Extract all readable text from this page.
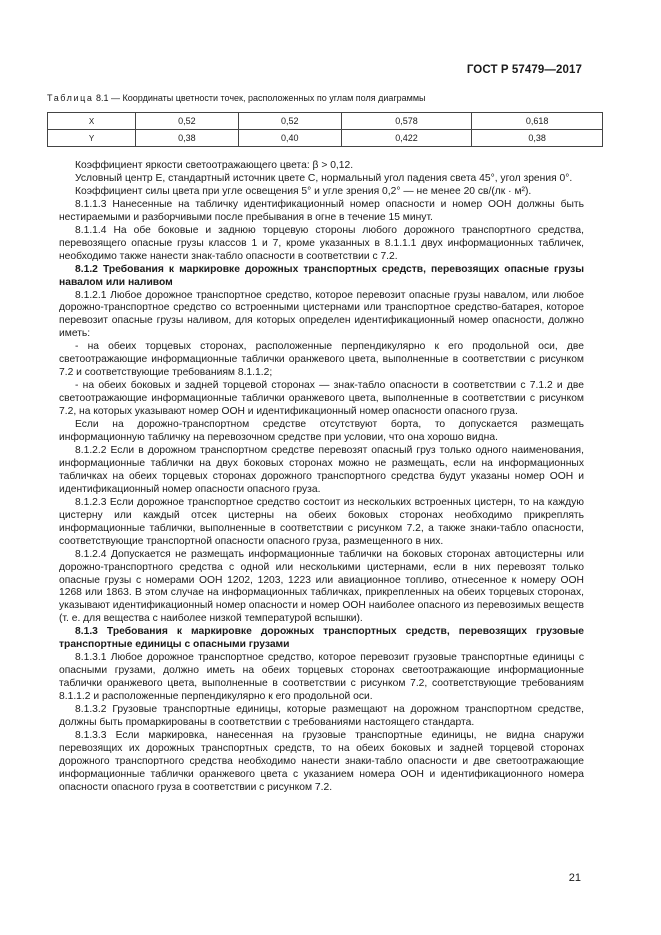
ГОСТ Р 57479—2017
Таблица 8.1 — Координаты цветности точек, расположенных по углам поля диаграммы
X	0,52	0,52	0,578	0,618
Y	0,38	0,40	0,422	0,38

Коэффициент яркости светоотражающего цвета: β > 0,12.

Условный центр Е, стандартный источник цвете С, нормальный угол падения света 45°, угол зрения 0°.

Коэффициент силы цвета при угле освещения 5° и угле зрения 0,2° — не менее 20 св/(лк · м²).

8.1.1.3 Нанесенные на табличку идентификационный номер опасности и номер ООН должны быть нестираемыми и разборчивыми после пребывания в огне в течение 15 минут.

8.1.1.4 На обе боковые и заднюю торцевую стороны любого дорожного транспортного средства, перевозящего опасные грузы классов 1 и 7, кроме указанных в 8.1.1.1 двух информационных табличек, необходимо также нанести знак-табло опасности в соответствии с 7.2.

8.1.2 Требования к маркировке дорожных транспортных средств, перевозящих опасные грузы навалом или наливом

8.1.2.1 Любое дорожное транспортное средство, которое перевозит опасные грузы навалом, или любое дорожно-транспортное средство со встроенными цистернами или транспортное средство-батарея, которое перевозит опасные грузы наливом, для которых определен идентификационный номер опасности, должно иметь:

- на обеих торцевых сторонах, расположенные перпендикулярно к его продольной оси, две светоотражающие информационные таблички оранжевого цвета, выполненные в соответствии с рисунком 7.2 и соответствующие требованиям 8.1.1.2;

- на обеих боковых и задней торцевой сторонах — знак-табло опасности в соответствии с 7.1.2 и две светоотражающие информационные таблички оранжевого цвета, выполненные в соответствии с рисунком 7.2, на которых указывают номер ООН и идентификационный номер опасности опасного груза.

Если на дорожно-транспортном средстве отсутствуют борта, то допускается размещать информационную табличку на перевозочном средстве при условии, что она хорошо видна.

8.1.2.2 Если в дорожном транспортном средстве перевозят опасный груз только одного наименования, информационные таблички на двух боковых сторонах можно не размещать, если на информационных табличках на обеих торцевых сторонах дорожного транспортного средства будут указаны номер ООН и идентификационный номер опасности опасного груза.

8.1.2.3 Если дорожное транспортное средство состоит из нескольких встроенных цистерн, то на каждую цистерну или каждый отсек цистерны на обеих боковых сторонах необходимо прикреплять информационные таблички, выполненные в соответствии с рисунком 7.2, а также знаки-табло опасности, соответствующие транспортной опасности опасного груза, размещенного в них.

8.1.2.4 Допускается не размещать информационные таблички на боковых сторонах автоцистерны или дорожно-транспортного средства с одной или несколькими цистернами, если в них перевозят только опасные грузы с номерами ООН 1202, 1203, 1223 или авиационное топливо, отнесенное к номеру ООН 1268 или 1863. В этом случае на информационных табличках, прикрепленных на обеих торцевых сторонах, указывают идентификационный номер опасности и номер ООН наиболее опасного из перевозимых веществ (т. е. для вещества с наиболее низкой температурой вспышки).

8.1.3 Требования к маркировке дорожных транспортных средств, перевозящих грузовые транспортные единицы с опасными грузами

8.1.3.1 Любое дорожное транспортное средство, которое перевозит грузовые транспортные единицы с опасными грузами, должно иметь на обеих торцевых сторонах светоотражающие информационные таблички оранжевого цвета, выполненные в соответствии с рисунком 7.2, соответствующие требованиям 8.1.1.2 и расположенные перпендикулярно к его продольной оси.

8.1.3.2 Грузовые транспортные единицы, которые размещают на дорожном транспортном средстве, должны быть промаркированы в соответствии с требованиями настоящего стандарта.

8.1.3.3 Если маркировка, нанесенная на грузовые транспортные единицы, не видна снаружи перевозящих их дорожных транспортных средств, то на обеих боковых и задней торцевой сторонах дорожного транспортного средства необходимо нанести знаки-табло опасности и две светоотражающие информационные таблички оранжевого цвета с указанием номера ООН и идентификационного номера опасности опасного груза в соответствии с рисунком 7.2.

21
